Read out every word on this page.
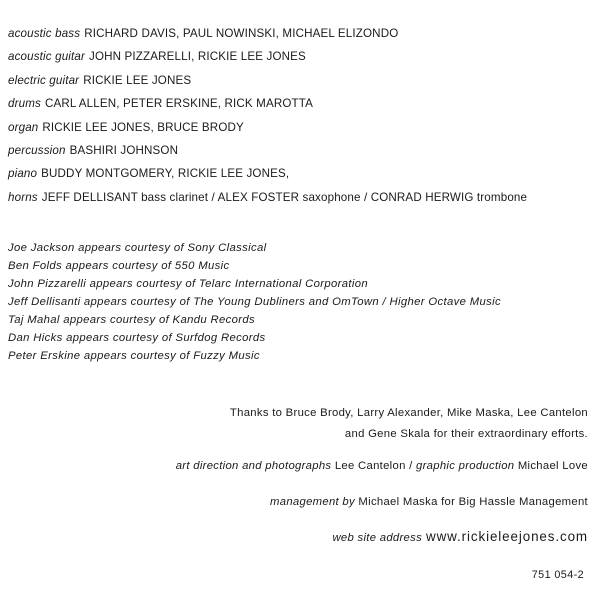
acoustic bass RICHARD DAVIS, PAUL NOWINSKI, MICHAEL ELIZONDO
acoustic guitar JOHN PIZZARELLI, RICKIE LEE JONES
electric guitar RICKIE LEE JONES
drums CARL ALLEN, PETER ERSKINE, RICK MAROTTA
organ RICKIE LEE JONES, BRUCE BRODY
percussion BASHIRI JOHNSON
piano BUDDY MONTGOMERY, RICKIE LEE JONES,
horns JEFF DELLISANT bass clarinet / ALEX FOSTER saxophone / CONRAD HERWIG trombone
Joe Jackson appears courtesy of Sony Classical
Ben Folds appears courtesy of 550 Music
John Pizzarelli appears courtesy of Telarc International Corporation
Jeff Dellisanti appears courtesy of The Young Dubliners and OmTown / Higher Octave Music
Taj Mahal appears courtesy of Kandu Records
Dan Hicks appears courtesy of Surfdog Records
Peter Erskine appears courtesy of Fuzzy Music
Thanks to Bruce Brody, Larry Alexander, Mike Maska, Lee Cantelon
and Gene Skala for their extraordinary efforts.
art direction and photographs Lee Cantelon / graphic production Michael Love
management by Michael Maska for Big Hassle Management
web site address www.rickieleejones.com
751 054-2
